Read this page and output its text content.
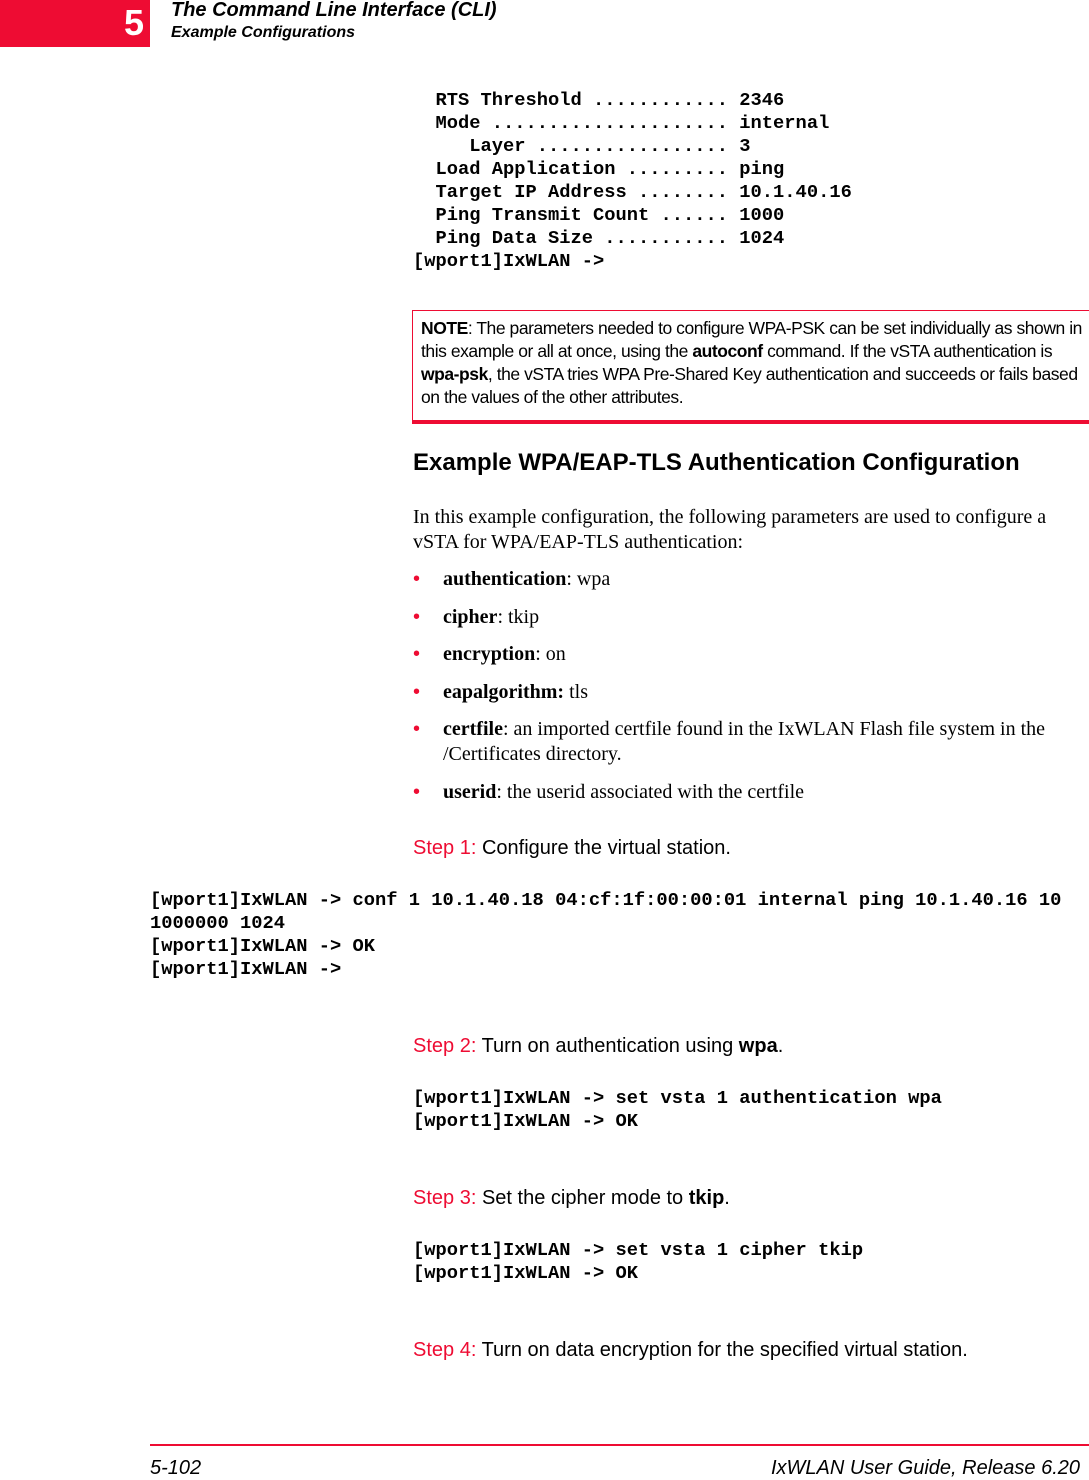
5 The Command Line Interface (CLI)
Example Configurations
RTS Threshold ............ 2346
Mode ..................... internal
Layer ................. 3
Load Application ......... ping
Target IP Address ........ 10.1.40.16
Ping Transmit Count ...... 1000
Ping Data Size ........... 1024
[wport1]IxWLAN ->
NOTE: The parameters needed to configure WPA-PSK can be set individually as shown in this example or all at once, using the autoconf command. If the vSTA authentication is wpa-psk, the vSTA tries WPA Pre-Shared Key authentication and succeeds or fails based on the values of the other attributes.
Example WPA/EAP-TLS Authentication Configuration
In this example configuration, the following parameters are used to configure a vSTA for WPA/EAP-TLS authentication:
• authentication: wpa
• cipher: tkip
• encryption: on
• eapalgorithm: tls
• certfile: an imported certfile found in the IxWLAN Flash file system in the /Certificates directory.
• userid: the userid associated with the certfile
Step 1: Configure the virtual station.
[wport1]IxWLAN -> conf 1 10.1.40.18 04:cf:1f:00:00:01 internal ping 10.1.40.16 10
1000000 1024
[wport1]IxWLAN -> OK
[wport1]IxWLAN ->
Step 2: Turn on authentication using wpa.
[wport1]IxWLAN -> set vsta 1 authentication wpa
[wport1]IxWLAN -> OK
Step 3: Set the cipher mode to tkip.
[wport1]IxWLAN -> set vsta 1 cipher tkip
[wport1]IxWLAN -> OK
Step 4: Turn on data encryption for the specified virtual station.
5-102	IxWLAN User Guide, Release 6.20
